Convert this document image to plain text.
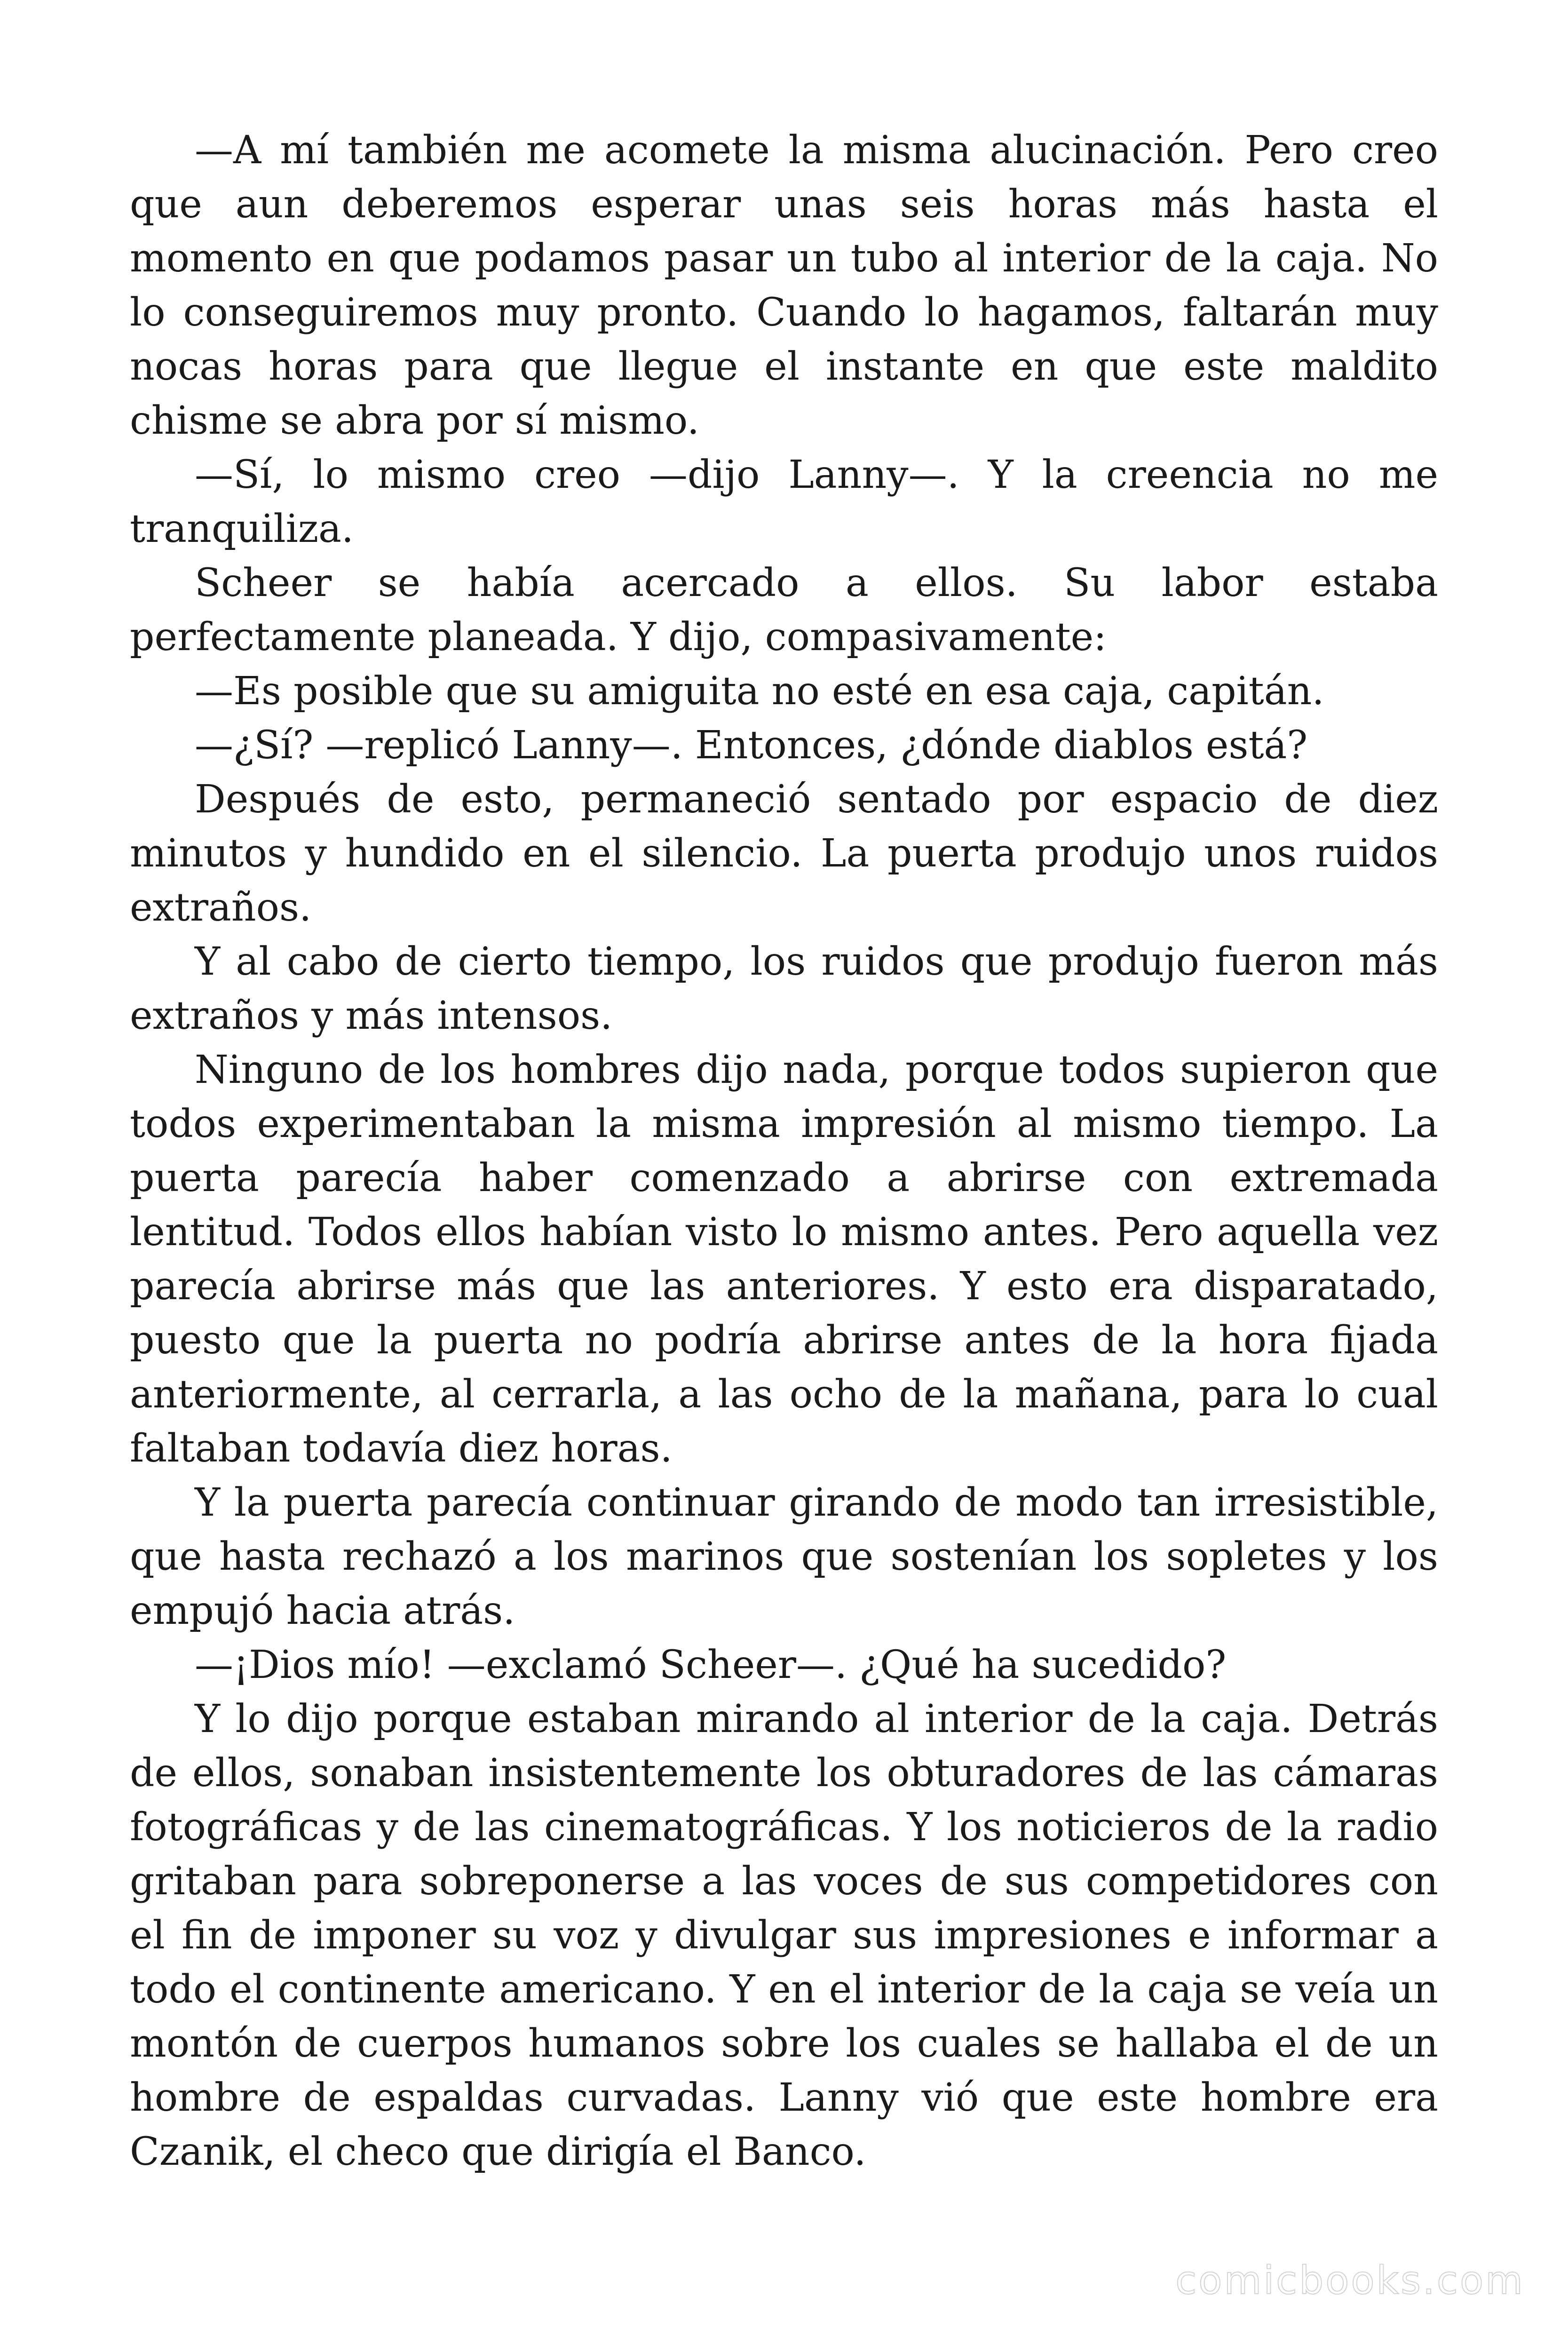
—A mí también me acomete la misma alucinación. Pero creo que aun deberemos esperar unas seis horas más hasta el momento en que podamos pasar un tubo al interior de la caja. No lo conseguiremos muy pronto. Cuando lo hagamos, faltarán muy nocas horas para que llegue el instante en que este maldito chisme se abra por sí mismo.

—Sí, lo mismo creo —dijo Lanny—. Y la creencia no me tranquiliza.

Scheer se había acercado a ellos. Su labor estaba perfectamente planeada. Y dijo, compasivamente:

—Es posible que su amiguita no esté en esa caja, capitán.

—¿Sí? —replicó Lanny—. Entonces, ¿dónde diablos está?

Después de esto, permaneció sentado por espacio de diez minutos y hundido en el silencio. La puerta produjo unos ruidos extraños.

Y al cabo de cierto tiempo, los ruidos que produjo fueron más extraños y más intensos.

Ninguno de los hombres dijo nada, porque todos supieron que todos experimentaban la misma impresión al mismo tiempo. La puerta parecía haber comenzado a abrirse con extremada lentitud. Todos ellos habían visto lo mismo antes. Pero aquella vez parecía abrirse más que las anteriores. Y esto era disparatado, puesto que la puerta no podría abrirse antes de la hora fijada anteriormente, al cerrarla, a las ocho de la mañana, para lo cual faltaban todavía diez horas.

Y la puerta parecía continuar girando de modo tan irresistible, que hasta rechazó a los marinos que sostenían los sopletes y los empujó hacia atrás.

—¡Dios mío! —exclamó Scheer—. ¿Qué ha sucedido?

Y lo dijo porque estaban mirando al interior de la caja. Detrás de ellos, sonaban insistentemente los obturadores de las cámaras fotográficas y de las cinematográficas. Y los noticieros de la radio gritaban para sobreponerse a las voces de sus competidores con el fin de imponer su voz y divulgar sus impresiones e informar a todo el continente americano. Y en el interior de la caja se veía un montón de cuerpos humanos sobre los cuales se hallaba el de un hombre de espaldas curvadas. Lanny vió que este hombre era Czanik, el checo que dirigía el Banco.

comicbooks.com
